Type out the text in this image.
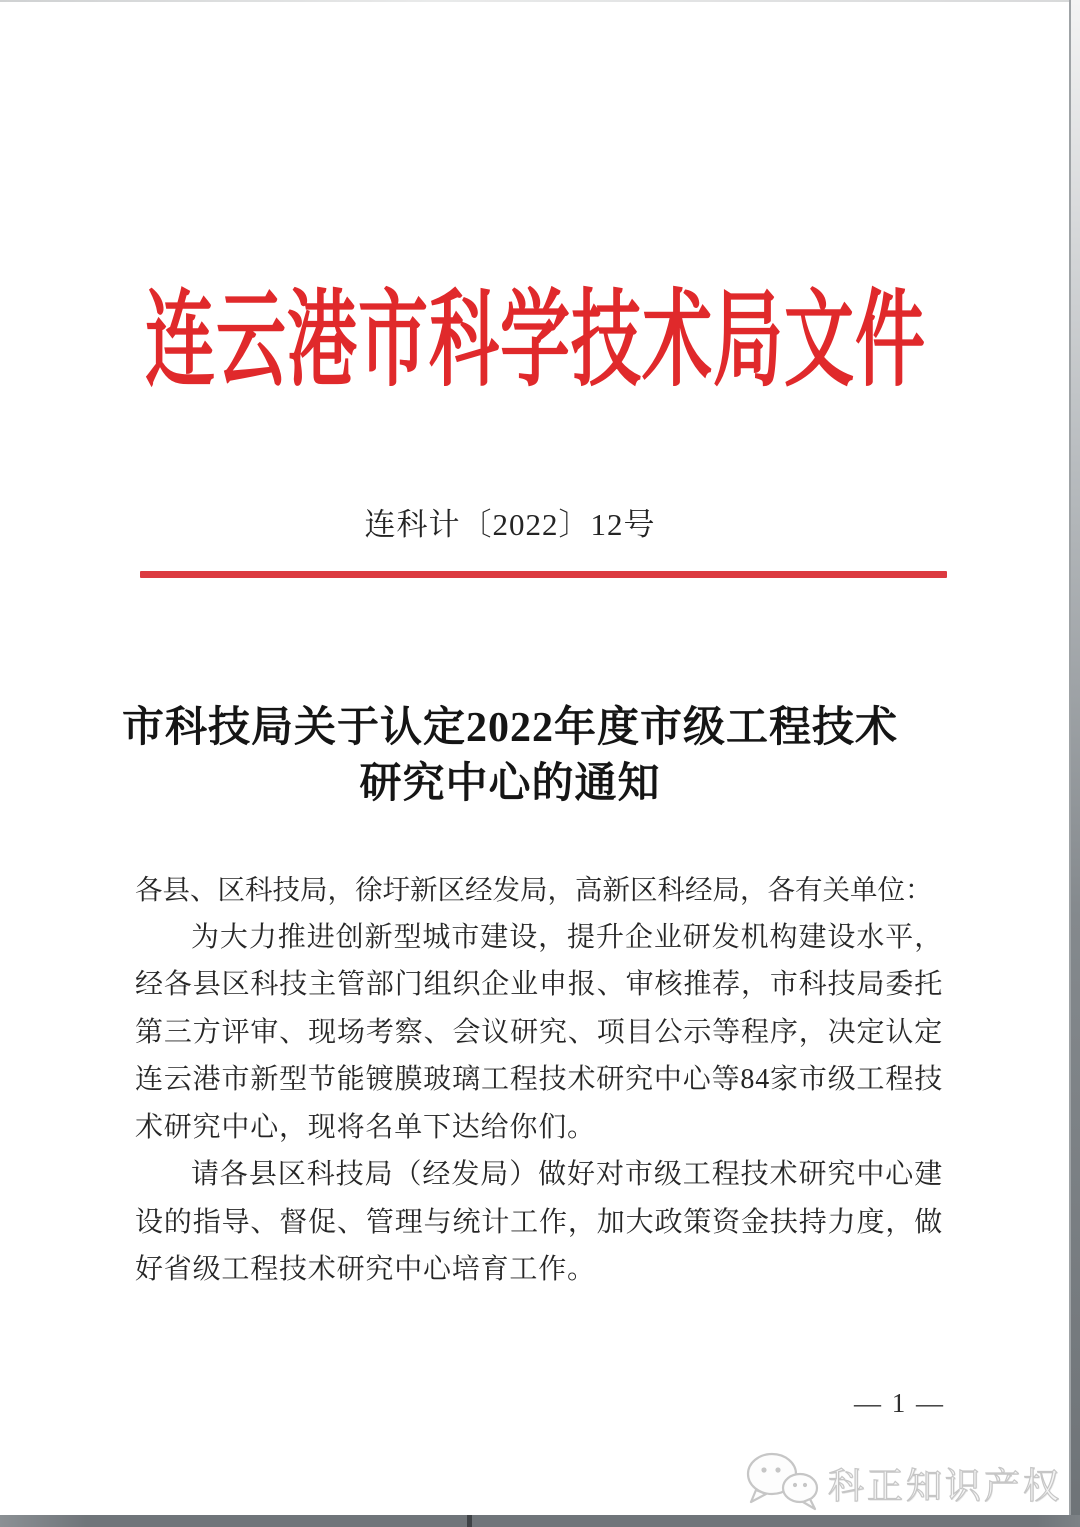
连云港市科学技术局文件
连科计〔2022〕12号
市科技局关于认定2022年度市级工程技术
研究中心的通知
各县、区科技局，徐圩新区经发局，高新区科经局，各有关单位：

为大力推进创新型城市建设，提升企业研发机构建设水平，经各县区科技主管部门组织企业申报、审核推荐，市科技局委托第三方评审、现场考察、会议研究、项目公示等程序，决定认定连云港市新型节能镀膜玻璃工程技术研究中心等84家市级工程技术研究中心，现将名单下达给你们。

请各县区科技局（经发局）做好对市级工程技术研究中心建设的指导、督促、管理与统计工作，加大政策资金扶持力度，做好省级工程技术研究中心培育工作。

— 1 —
科正知识产权
